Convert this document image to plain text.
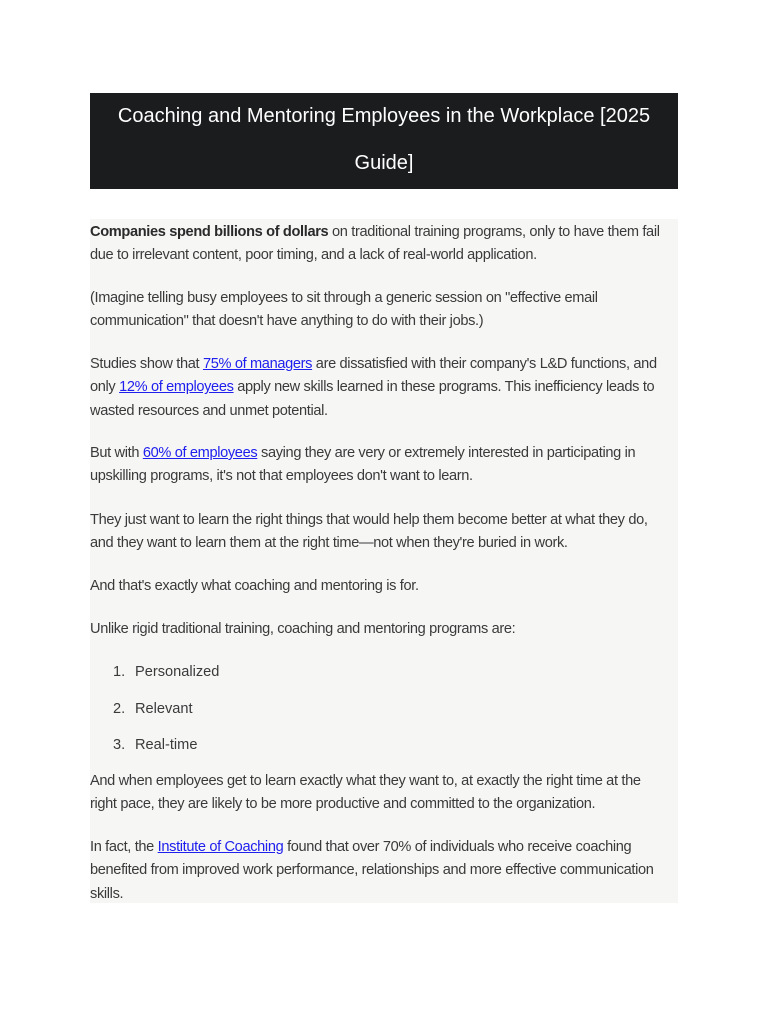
Coaching and Mentoring Employees in the Workplace [2025
Guide]

Companies spend billions of dollars on traditional training programs, only to have them fail
due to irrelevant content, poor timing, and a lack of real-world application.

(Imagine telling busy employees to sit through a generic session on "effective email
communication" that doesn't have anything to do with their jobs.)

Studies show that 75% of managers are dissatisfied with their company's L&D functions, and
only 12% of employees apply new skills learned in these programs. This inefficiency leads to
wasted resources and unmet potential.

But with 60% of employees saying they are very or extremely interested in participating in
upskilling programs, it's not that employees don't want to learn.

They just want to learn the right things that would help them become better at what they do,
and they want to learn them at the right time—not when they're buried in work.

And that's exactly what coaching and mentoring is for.

Unlike rigid traditional training, coaching and mentoring programs are:

1. Personalized
2. Relevant
3. Real-time

And when employees get to learn exactly what they want to, at exactly the right time at the
right pace, they are likely to be more productive and committed to the organization.

In fact, the Institute of Coaching found that over 70% of individuals who receive coaching
benefited from improved work performance, relationships and more effective communication
skills.
